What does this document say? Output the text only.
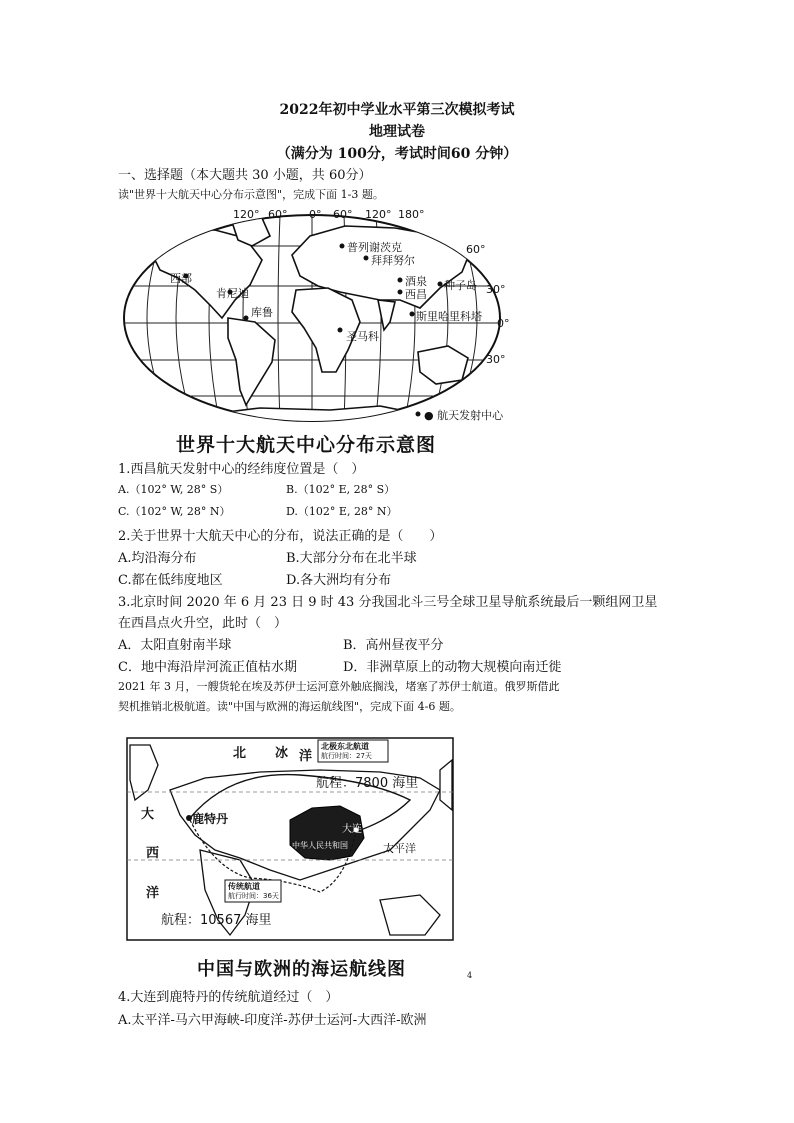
2022年初中学业水平第三次模拟考试
地理试卷
（满分为 100分，考试时间60 分钟）
一、选择题（本大题共 30 小题，共 60分）
读"世界十大航天中心分布示意图"，完成下面 1-3 题。
120° 60° 0° 60° 120° 180°
60°
30°
0°
30°
普列谢茨克
拜拜努尔
西部
肯尼迪
库鲁
圣马科
酒泉
西昌
种子岛
斯里哈里科塔
● 航天发射中心
世界十大航天中心分布示意图
1.西昌航天发射中心的经纬度位置是（　）
A.（102° W, 28° S）	B.（102° E, 28° S）
C.（102° W, 28° N）	D.（102° E, 28° N）
2.关于世界十大航天中心的分布，说法正确的是（　　）
A.均沿海分布	B.大部分分布在北半球
C.都在低纬度地区	D.各大洲均有分布
3.北京时间 2020 年 6 月 23 日 9 时 43 分我国北斗三号全球卫星导航系统最后一颗组网卫星
在西昌点火升空，此时（　）
A．太阳直射南半球	B．高州昼夜平分
C．地中海沿岸河流正值枯水期	D．非洲草原上的动物大规模向南迁徙
2021 年 3 月，一艘货轮在埃及苏伊士运河意外触底搁浅，堵塞了苏伊士航道。俄罗斯借此
契机推销北极航道。读"中国与欧洲的海运航线图"，完成下面 4-6 题。
北 冰 洋
北极东北航道
航行时间：27天
航程：7800 海里
大
西
洋
鹿特丹
大连
中华人民共和国	太平洋
传统航道
航行时间：36天
航程：10567 海里
中国与欧洲的海运航线图	4
4.大连到鹿特丹的传统航道经过（　）
A.太平洋-马六甲海峡-印度洋-苏伊士运河-大西洋-欧洲
